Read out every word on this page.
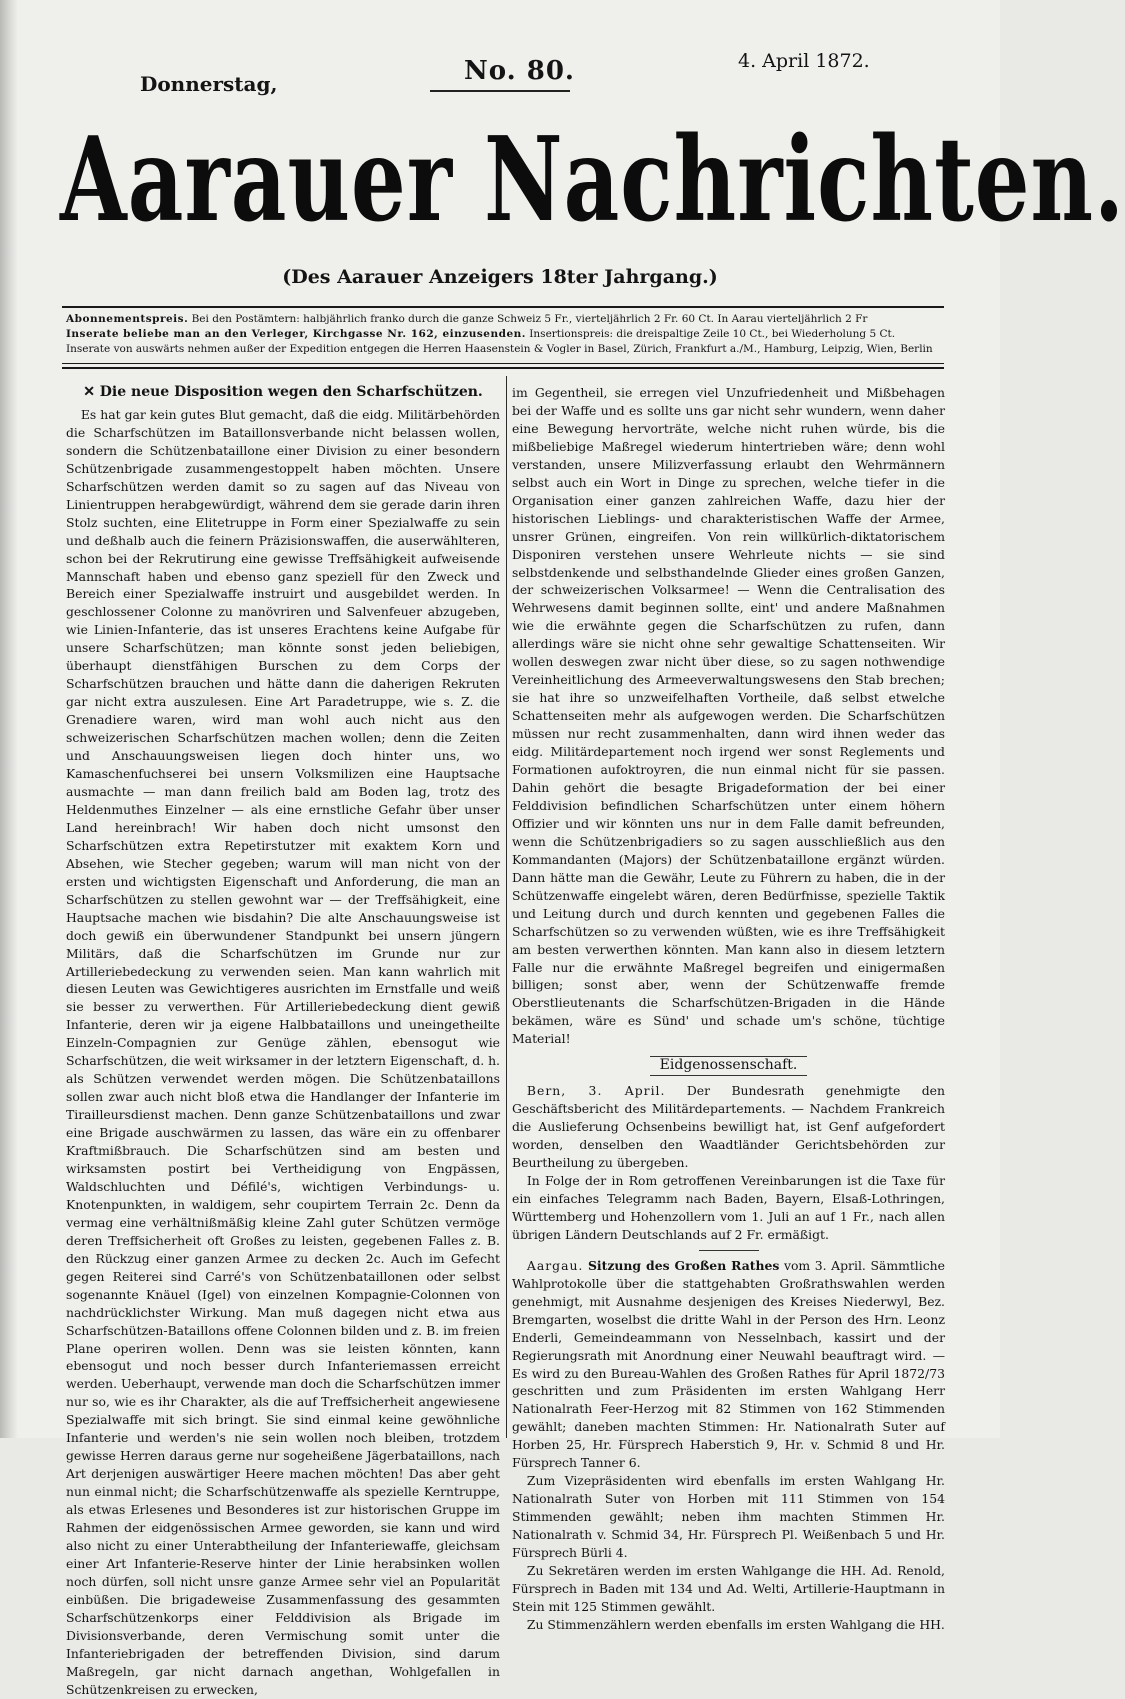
Donnerstag,	No. 80.	4. April 1872.
Aarauer Nachrichten.
(Des Aarauer Anzeigers 18ter Jahrgang.)
Abonnementspreis. Bei den Postämtern: halbjährlich franko durch die ganze Schweiz 5 Fr., vierteljährlich 2 Fr. 60 Ct. In Aarau vierteljährlich 2 Fr
Inserate beliebe man an den Verleger, Kirchgasse Nr. 162, einzusenden. Insertionspreis: die dreispaltige Zeile 10 Ct., bei Wiederholung 5 Ct.
Inserate von auswärts nehmen außer der Expedition entgegen die Herren Haasenstein & Vogler in Basel, Zürich, Frankfurt a./M., Hamburg, Leipzig, Wien, Berlin
✕ Die neue Disposition wegen den Scharfschützen.

Es hat gar kein gutes Blut gemacht, daß die eidg. Militärbehörden die Scharfschützen im Bataillonsverbande nicht belassen wollen, sondern die Schützenbataillone einer Division zu einer besondern Schützenbrigade zusammengestoppelt haben möchten. Unsere Scharfschützen werden damit so zu sagen auf das Niveau von Linientruppen herabgewürdigt, während dem sie gerade darin ihren Stolz suchten, eine Elitetruppe in Form einer Spezialwaffe zu sein und deßhalb auch die feinern Präzisionswaffen, die auserwählteren, schon bei der Rekrutirung eine gewisse Treffsähigkeit aufweisende Mannschaft haben und ebenso ganz speziell für den Zweck und Bereich einer Spezialwaffe instruirt und ausgebildet werden. In geschlossener Colonne zu manövriren und Salvenfeuer abzugeben, wie Linien-Infanterie, das ist unseres Erachtens keine Aufgabe für unsere Scharfschützen; man könnte sonst jeden beliebigen, überhaupt dienstfähigen Burschen zu dem Corps der Scharfschützen brauchen und hätte dann die daherigen Rekruten gar nicht extra auszulesen. Eine Art Paradetruppe, wie s. Z. die Grenadiere waren, wird man wohl auch nicht aus den schweizerischen Scharfschützen machen wollen; denn die Zeiten und Anschauungsweisen liegen doch hinter uns, wo Kamaschenfuchserei bei unsern Volksmilizen eine Hauptsache ausmachte — man dann freilich bald am Boden lag, trotz des Heldenmuthes Einzelner — als eine ernstliche Gefahr über unser Land hereinbrach! Wir haben doch nicht umsonst den Scharfschützen extra Repetirstutzer mit exaktem Korn und Absehen, wie Stecher gegeben; warum will man nicht von der ersten und wichtigsten Eigenschaft und Anforderung, die man an Scharfschützen zu stellen gewohnt war — der Treffsähigkeit, eine Hauptsache machen wie bisdahin? Die alte Anschauungsweise ist doch gewiß ein überwundener Standpunkt bei unsern jüngern Militärs, daß die Scharfschützen im Grunde nur zur Artilleriebedeckung zu verwenden seien. Man kann wahrlich mit diesen Leuten was Gewichtigeres ausrichten im Ernstfalle und weiß sie besser zu verwerthen. Für Artilleriebedeckung dient gewiß Infanterie, deren wir ja eigene Halbbataillons und uneingetheilte Einzeln-Compagnien zur Genüge zählen, ebensogut wie Scharfschützen, die weit wirksamer in der letztern Eigenschaft, d. h. als Schützen verwendet werden mögen. Die Schützenbataillons sollen zwar auch nicht bloß etwa die Handlanger der Infanterie im Tirailleursdienst machen. Denn ganze Schützenbataillons und zwar eine Brigade auschwärmen zu lassen, das wäre ein zu offenbarer Kraftmißbrauch. Die Scharfschützen sind am besten und wirksamsten postirt bei Vertheidigung von Engpässen, Waldschluchten und Défilé's, wichtigen Verbindungs- u. Knotenpunkten, in waldigem, sehr coupirtem Terrain 2c. Denn da vermag eine verhältnißmäßig kleine Zahl guter Schützen vermöge deren Treffsicherheit oft Großes zu leisten, gegebenen Falles z. B. den Rückzug einer ganzen Armee zu decken 2c. Auch im Gefecht gegen Reiterei sind Carré's von Schützenbataillonen oder selbst sogenannte Knäuel (Igel) von einzelnen Kompagnie-Colonnen von nachdrücklichster Wirkung. Man muß dagegen nicht etwa aus Scharfschützen-Bataillons offene Colonnen bilden und z. B. im freien Plane operiren wollen. Denn was sie leisten könnten, kann ebensogut und noch besser durch Infanteriemassen erreicht werden. Ueberhaupt, verwende man doch die Scharfschützen immer nur so, wie es ihr Charakter, als die auf Treffsicherheit angewiesene Spezialwaffe mit sich bringt. Sie sind einmal keine gewöhnliche Infanterie und werden's nie sein wollen noch bleiben, trotzdem gewisse Herren daraus gerne nur sogeheißene Jägerbataillons, nach Art derjenigen auswärtiger Heere machen möchten! Das aber geht nun einmal nicht; die Scharfschützenwaffe als spezielle Kerntruppe, als etwas Erlesenes und Besonderes ist zur historischen Gruppe im Rahmen der eidgenössischen Armee geworden, sie kann und wird also nicht zu einer Unterabtheilung der Infanteriewaffe, gleichsam einer Art Infanterie-Reserve hinter der Linie herabsinken wollen noch dürfen, soll nicht unsre ganze Armee sehr viel an Popularität einbüßen. Die brigadeweise Zusammenfassung des gesammten Scharfschützenkorps einer Felddivision als Brigade im Divisionsverbande, deren Vermischung somit unter die Infanteriebrigaden der betreffenden Division, sind darum Maßregeln, gar nicht darnach angethan, Wohlgefallen in Schützenkreisen zu erwecken,

im Gegentheil, sie erregen viel Unzufriedenheit und Mißbehagen bei der Waffe und es sollte uns gar nicht sehr wundern, wenn daher eine Bewegung hervorträte, welche nicht ruhen würde, bis die mißbeliebige Maßregel wiederum hintertrieben wäre; denn wohl verstanden, unsere Milizverfassung erlaubt den Wehrmännern selbst auch ein Wort in Dinge zu sprechen, welche tiefer in die Organisation einer ganzen zahlreichen Waffe, dazu hier der historischen Lieblings- und charakteristischen Waffe der Armee, unsrer Grünen, eingreifen. Von rein willkürlich-diktatorischem Disponiren verstehen unsere Wehrleute nichts — sie sind selbstdenkende und selbsthandelnde Glieder eines großen Ganzen, der schweizerischen Volksarmee! — Wenn die Centralisation des Wehrwesens damit beginnen sollte, eint' und andere Maßnahmen wie die erwähnte gegen die Scharfschützen zu rufen, dann allerdings wäre sie nicht ohne sehr gewaltige Schattenseiten. Wir wollen deswegen zwar nicht über diese, so zu sagen nothwendige Vereinheitlichung des Armeeverwaltungswesens den Stab brechen; sie hat ihre so unzweifelhaften Vortheile, daß selbst etwelche Schattenseiten mehr als aufgewogen werden. Die Scharfschützen müssen nur recht zusammenhalten, dann wird ihnen weder das eidg. Militärdepartement noch irgend wer sonst Reglements und Formationen aufoktroyren, die nun einmal nicht für sie passen. Dahin gehört die besagte Brigadeformation der bei einer Felddivision befindlichen Scharfschützen unter einem höhern Offizier und wir könnten uns nur in dem Falle damit befreunden, wenn die Schützenbrigadiers so zu sagen ausschließlich aus den Kommandanten (Majors) der Schützenbataillone ergänzt würden. Dann hätte man die Gewähr, Leute zu Führern zu haben, die in der Schützenwaffe eingelebt wären, deren Bedürfnisse, spezielle Taktik und Leitung durch und durch kennten und gegebenen Falles die Scharfschützen so zu verwenden wüßten, wie es ihre Treffsähigkeit am besten verwerthen könnten. Man kann also in diesem letztern Falle nur die erwähnte Maßregel begreifen und einigermaßen billigen; sonst aber, wenn der Schützenwaffe fremde Oberstlieutenants die Scharfschützen-Brigaden in die Hände bekämen, wäre es Sünd' und schade um's schöne, tüchtige Material!

Eidgenossenschaft.

Bern, 3. April. Der Bundesrath genehmigte den Geschäftsbericht des Militärdepartements. — Nachdem Frankreich die Auslieferung Ochsenbeins bewilligt hat, ist Genf aufgefordert worden, denselben den Waadtländer Gerichtsbehörden zur Beurtheilung zu übergeben.

In Folge der in Rom getroffenen Vereinbarungen ist die Taxe für ein einfaches Telegramm nach Baden, Bayern, Elsaß-Lothringen, Württemberg und Hohenzollern vom 1. Juli an auf 1 Fr., nach allen übrigen Ländern Deutschlands auf 2 Fr. ermäßigt.

Aargau. Sitzung des Großen Rathes vom 3. April. Sämmtliche Wahlprotokolle über die stattgehabten Großrathswahlen werden genehmigt, mit Ausnahme desjenigen des Kreises Niederwyl, Bez. Bremgarten, woselbst die dritte Wahl in der Person des Hrn. Leonz Enderli, Gemeindeammann von Nesselnbach, kassirt und der Regierungsrath mit Anordnung einer Neuwahl beauftragt wird. — Es wird zu den Bureau-Wahlen des Großen Rathes für April 1872/73 geschritten und zum Präsidenten im ersten Wahlgang Herr Nationalrath Feer-Herzog mit 82 Stimmen von 162 Stimmenden gewählt; daneben machten Stimmen: Hr. Nationalrath Suter auf Horben 25, Hr. Fürsprech Haberstich 9, Hr. v. Schmid 8 und Hr. Fürsprech Tanner 6.

Zum Vizepräsidenten wird ebenfalls im ersten Wahlgang Hr. Nationalrath Suter von Horben mit 111 Stimmen von 154 Stimmenden gewählt; neben ihm machten Stimmen Hr. Nationalrath v. Schmid 34, Hr. Fürsprech Pl. Weißenbach 5 und Hr. Fürsprech Bürli 4.

Zu Sekretären werden im ersten Wahlgange die HH. Ad. Renold, Fürsprech in Baden mit 134 und Ad. Welti, Artillerie-Hauptmann in Stein mit 125 Stimmen gewählt.

Zu Stimmenzählern werden ebenfalls im ersten Wahlgang die HH.
